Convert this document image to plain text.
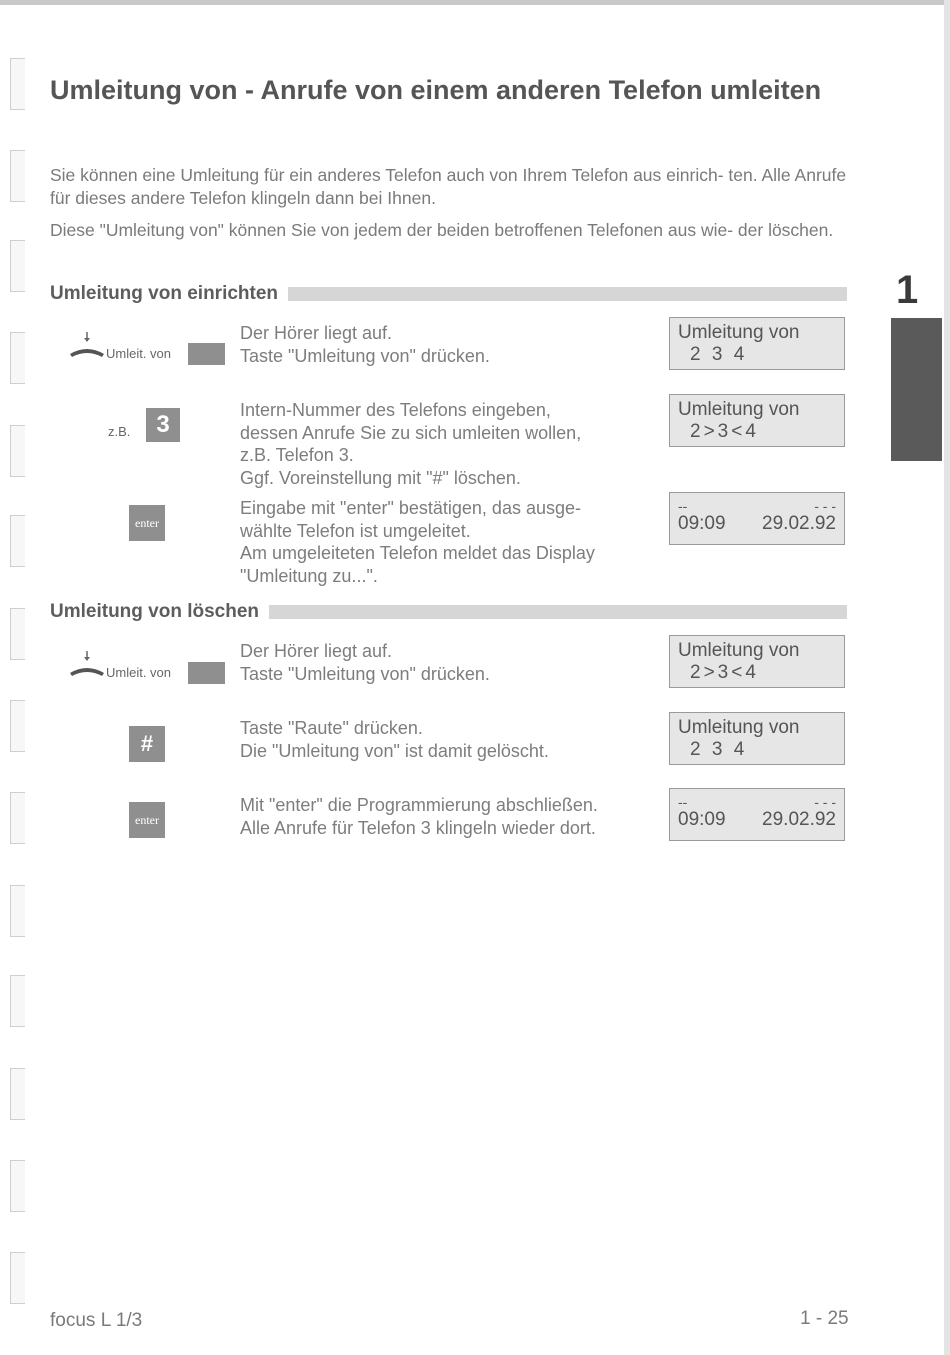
Umleitung von - Anrufe von einem anderen Telefon umleiten

Sie können eine Umleitung für ein anderes Telefon auch von Ihrem Telefon aus einrich- ten. Alle Anrufe für dieses andere Telefon klingeln dann bei Ihnen.

Diese "Umleitung von" können Sie von jedem der beiden betroffenen Telefonen aus wie- der löschen.

1
Umleitung von einrichten
Umleit. von
Der Hörer liegt auf.
Taste "Umleitung von" drücken.
Umleitung von
2 3 4
z.B.	3
Intern-Nummer des Telefons eingeben,
dessen Anrufe Sie zu sich umleiten wollen,
z.B. Telefon 3.
Ggf. Voreinstellung mit "#" löschen.
Umleitung von
2>3<4
enter
Eingabe mit "enter" bestätigen, das ausge-
wählte Telefon ist umgeleitet.
Am umgeleiteten Telefon meldet das Display
"Umleitung zu...".
--	- - -
09:09 29.02.92
Umleitung von löschen
Umleit. von
Der Hörer liegt auf.
Taste "Umleitung von" drücken.
Umleitung von
2>3<4
#
Taste "Raute" drücken.
Die "Umleitung von" ist damit gelöscht.
Umleitung von
2 3 4
enter
Mit "enter" die Programmierung abschließen.
Alle Anrufe für Telefon 3 klingeln wieder dort.
--	- - -
09:09 29.02.92
focus L 1/3	1 - 25
